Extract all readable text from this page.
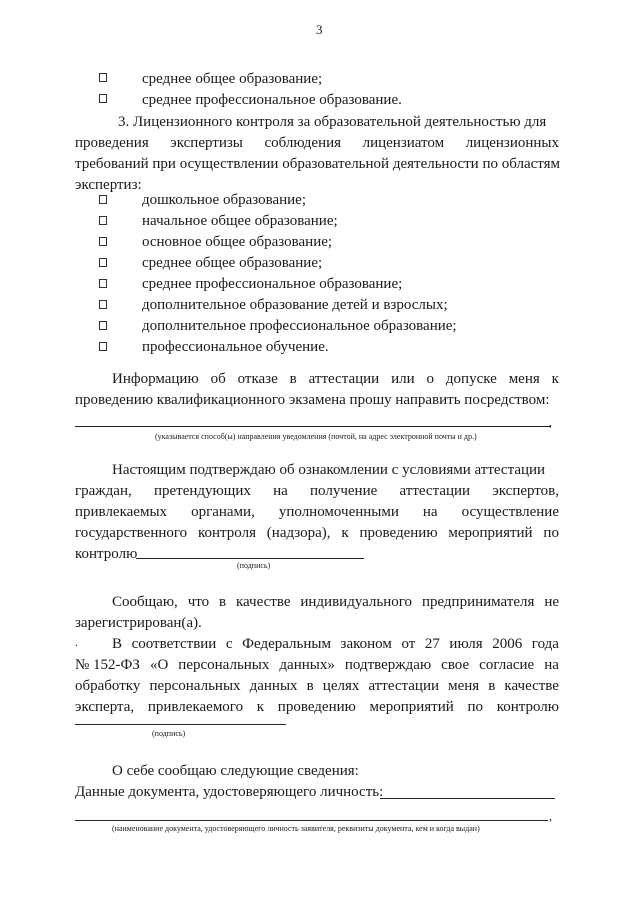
3
среднее общее образование;
среднее профессиональное образование.
3. Лицензионного контроля за образовательной деятельностью для
проведения экспертизы соблюдения лицензиатом лицензионных
требований при осуществлении образовательной деятельности по областям
экспертиз:
дошкольное образование;
начальное общее образование;
основное общее образование;
среднее общее образование;
среднее профессиональное образование;
дополнительное образование детей и взрослых;
дополнительное профессиональное образование;
профессиональное обучение.
Информацию об отказе в аттестации или о допуске меня к
проведению квалификационного экзамена прошу направить посредством:
,
(указывается способ(ы) направления уведомления (почтой, на адрес электронной почты и др.)
Настоящим подтверждаю об ознакомлении с условиями аттестации
граждан, претендующих на получение аттестации экспертов,
привлекаемых органами, уполномоченными на осуществление
государственного контроля (надзора), к проведению мероприятий по
контролю
(подпись)
Сообщаю, что в качестве индивидуального предпринимателя не
зарегистрирован(а).
. В соответствии с Федеральным законом от 27 июля 2006 года
№ 152-ФЗ «О персональных данных» подтверждаю свое согласие на
обработку персональных данных в целях аттестации меня в качестве
эксперта, привлекаемого к проведению мероприятий по контролю
(подпись)
О себе сообщаю следующие сведения:
Данные документа, удостоверяющего личность:
,
(наименование документа, удостоверяющего личность заявителя, реквизиты документа, кем и когда выдан)
